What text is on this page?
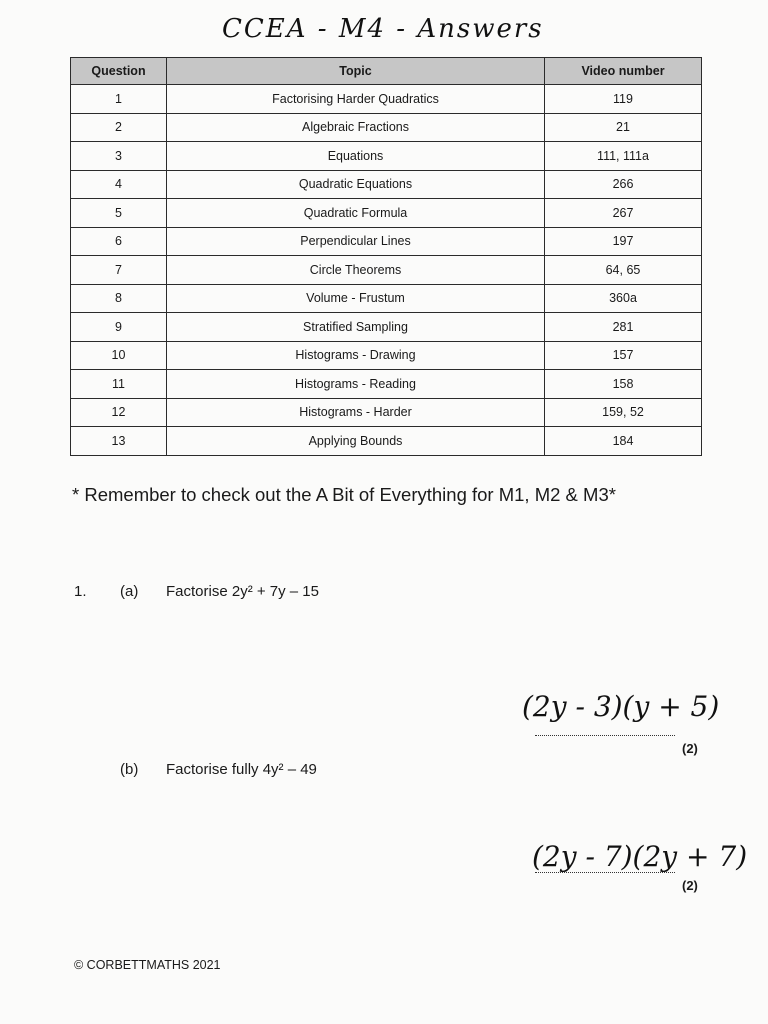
CCEA - M4 - Answers
Question	Topic	Video number
1	Factorising Harder Quadratics	119
2	Algebraic Fractions	21
3	Equations	111, 111a
4	Quadratic Equations	266
5	Quadratic Formula	267
6	Perpendicular Lines	197
7	Circle Theorems	64, 65
8	Volume - Frustum	360a
9	Stratified Sampling	281
10	Histograms - Drawing	157
11	Histograms - Reading	158
12	Histograms - Harder	159, 52
13	Applying Bounds	184
* Remember to check out the A Bit of Everything for M1, M2 & M3*
1. (a) Factorise 2y² + 7y – 15
(2y - 3)(y + 5)
(2)
(b) Factorise fully 4y² – 49
(2y - 7)(2y + 7)
(2)
© CORBETTMATHS 2021
